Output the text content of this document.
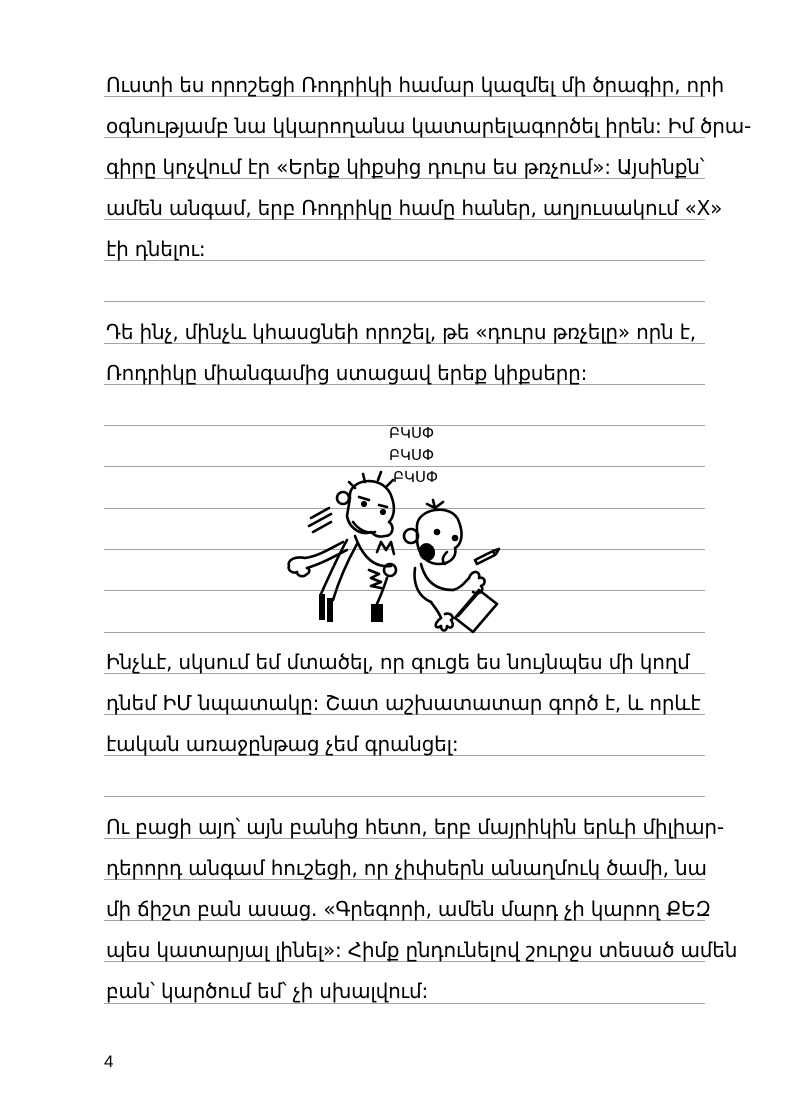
Ուստի ես որոշեցի Ռոդրիկի համար կազմել մի ծրագիր, որի
օգնությամբ նա կկարողանա կատարելագործել իրեն: Իմ ծրա-
գիրը կոչվում էր «Երեք կիքսից դուրս ես թռչում»: Այսինքն՝
ամեն անգամ, երբ Ռոդրիկը համը հաներ, աղյուսակում «X»
էի դնելու:
Դե ինչ, մինչև կհասցնեի որոշել, թե «դուրս թռչելը» որն է,
Ռոդրիկը միանգամից ստացավ երեք կիքսերը:
ԲԿՍՓ
ԲԿՍՓ
ԲԿՍՓ
Ինչևէ, սկսում եմ մտածել, որ գուցե ես նույնպես մի կողմ
դնեմ ԻՄ նպատակը: Շատ աշխատատար գործ է, և որևէ
էական առաջընթաց չեմ գրանցել:
Ու բացի այդ՝ այն բանից հետո, երբ մայրիկին երևի միլիար-
դերորդ անգամ հուշեցի, որ չիփսերն անաղմուկ ծամի, նա
մի ճիշտ բան ասաց. «Գրեգորի, ամեն մարդ չի կարող ՔԵԶ
պես կատարյալ լինել»: Հիմք ընդունելով շուրջս տեսած ամեն
բան՝ կարծում եմ՝ չի սխալվում:
4
